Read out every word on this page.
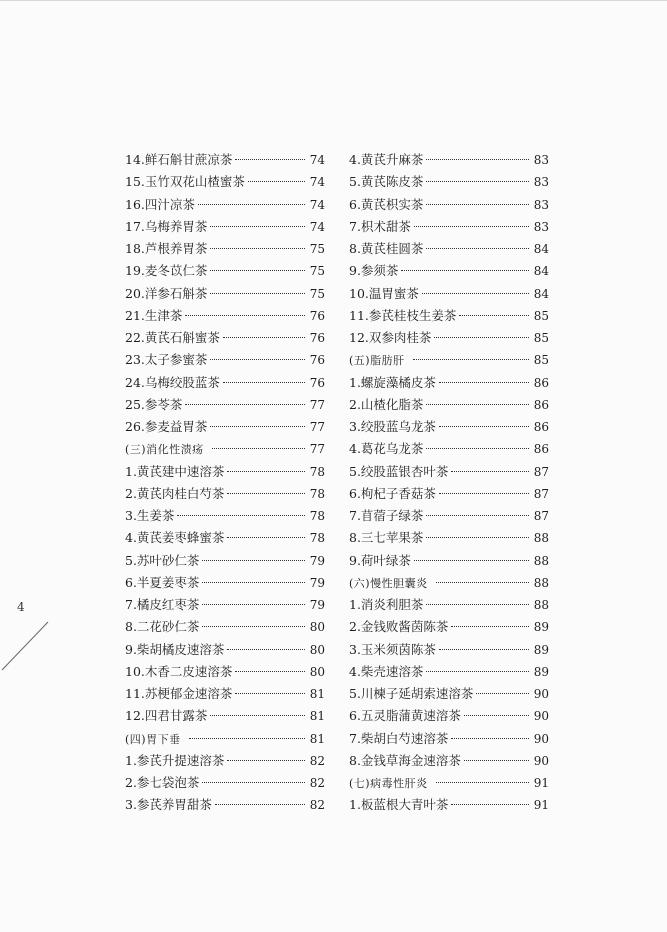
14.鲜石斛甘蔗凉茶	74
15.玉竹双花山楂蜜茶	74
16.四汁凉茶	74
17.乌梅养胃茶	74
18.芦根养胃茶	75
19.麦冬苡仁茶	75
20.洋参石斛茶	75
21.生津茶	76
22.黄芪石斛蜜茶	76
23.太子参蜜茶	76
24.乌梅绞股蓝茶	76
25.参苓茶	77
26.参麦益胃茶	77
(三)消化性溃疡	77
1.黄芪建中速溶茶	78
2.黄芪肉桂白芍茶	78
3.生姜茶	78
4.黄芪姜枣蜂蜜茶	78
5.苏叶砂仁茶	79
6.半夏姜枣茶	79
7.橘皮红枣茶	79
8.二花砂仁茶	80
9.柴胡橘皮速溶茶	80
10.木香二皮速溶茶	80
11.苏梗郁金速溶茶	81
12.四君甘露茶	81
(四)胃下垂	81
1.参芪升提速溶茶	82
2.参七袋泡茶	82
3.参芪养胃甜茶	82
4.黄芪升麻茶	83
5.黄芪陈皮茶	83
6.黄芪枳实茶	83
7.枳术甜茶	83
8.黄芪桂圆茶	84
9.参须茶	84
10.温胃蜜茶	84
11.参芪桂枝生姜茶	85
12.双参肉桂茶	85
(五)脂肪肝	85
1.螺旋藻橘皮茶	86
2.山楂化脂茶	86
3.绞股蓝乌龙茶	86
4.葛花乌龙茶	86
5.绞股蓝银杏叶茶	87
6.枸杞子香菇茶	87
7.苜蓿子绿茶	87
8.三七苹果茶	88
9.荷叶绿茶	88
(六)慢性胆囊炎	88
1.消炎利胆茶	88
2.金钱败酱茵陈茶	89
3.玉米须茵陈茶	89
4.柴壳速溶茶	89
5.川楝子延胡索速溶茶	90
6.五灵脂蒲黄速溶茶	90
7.柴胡白芍速溶茶	90
8.金钱草海金速溶茶	90
(七)病毒性肝炎	91
1.板蓝根大青叶茶	91
4
